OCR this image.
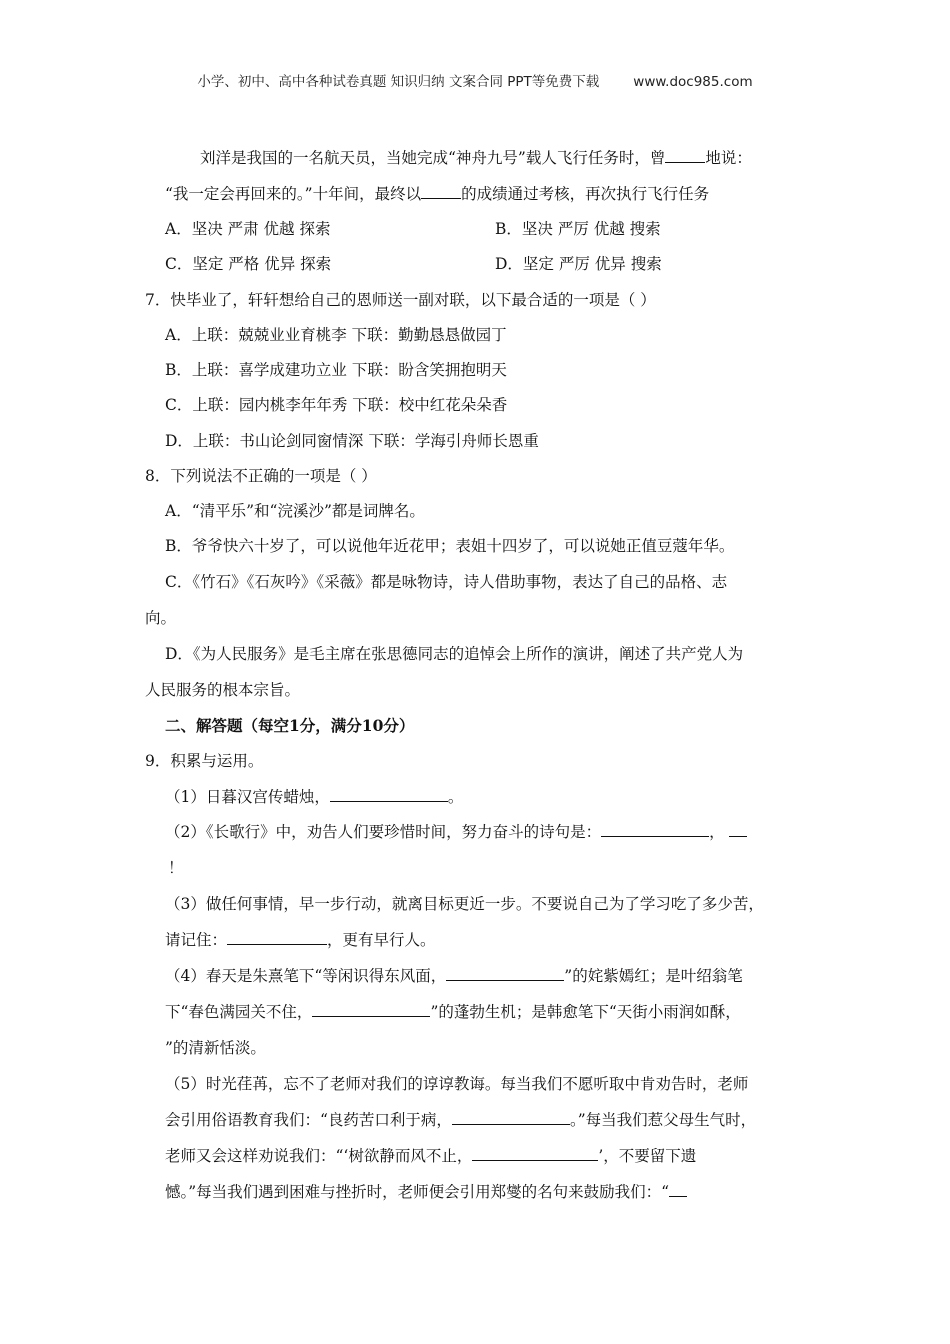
小学、初中、高中各种试卷真题 知识归纳 文案合同 PPT等免费下载	www.doc985.com
刘洋是我国的一名航天员，当她完成“神舟九号”载人飞行任务时，曾	地说：
“我一定会再回来的。”十年间，最终以	的成绩通过考核，再次执行飞行任务
A．坚决 严肃 优越 探索	B．坚决 严厉 优越 搜索
C．坚定 严格 优异 探索	D．坚定 严厉 优异 搜索
7．快毕业了，轩轩想给自己的恩师送一副对联，以下最合适的一项是（ ）
A．上联：兢兢业业育桃李 下联：勤勤恳恳做园丁
B．上联：喜学成建功立业 下联：盼含笑拥抱明天
C．上联：园内桃李年年秀 下联：校中红花朵朵香
D．上联：书山论剑同窗情深 下联：学海引舟师长恩重
8．下列说法不正确的一项是（ ）
A．“清平乐”和“浣溪沙”都是词牌名。
B．爷爷快六十岁了，可以说他年近花甲；表姐十四岁了，可以说她正值豆蔻年华。
C．《竹石》《石灰吟》《采薇》都是咏物诗，诗人借助事物，表达了自己的品格、志
向。
D．《为人民服务》是毛主席在张思德同志的追悼会上所作的演讲，阐述了共产党人为
人民服务的根本宗旨。
二、解答题（每空1分，满分10分）
9．积累与运用。
（1）日暮汉宫传蜡烛，	。
（2）《长歌行》中，劝告人们要珍惜时间，努力奋斗的诗句是：	，
！
（3）做任何事情，早一步行动，就离目标更近一步。不要说自己为了学习吃了多少苦，
请记住：	，更有早行人。
（4）春天是朱熹笔下“等闲识得东风面，	”的姹紫嫣红；是叶绍翁笔
下“春色满园关不住，	”的蓬勃生机；是韩愈笔下“天街小雨润如酥，
”的清新恬淡。
（5）时光荏苒，忘不了老师对我们的谆谆教诲。每当我们不愿听取中肯劝告时，老师
会引用俗语教育我们：“良药苦口利于病，	。”每当我们惹父母生气时，
老师又会这样劝说我们：“‘树欲静而风不止，	’，不要留下遗
憾。”每当我们遇到困难与挫折时，老师便会引用郑燮的名句来鼓励我们：“
